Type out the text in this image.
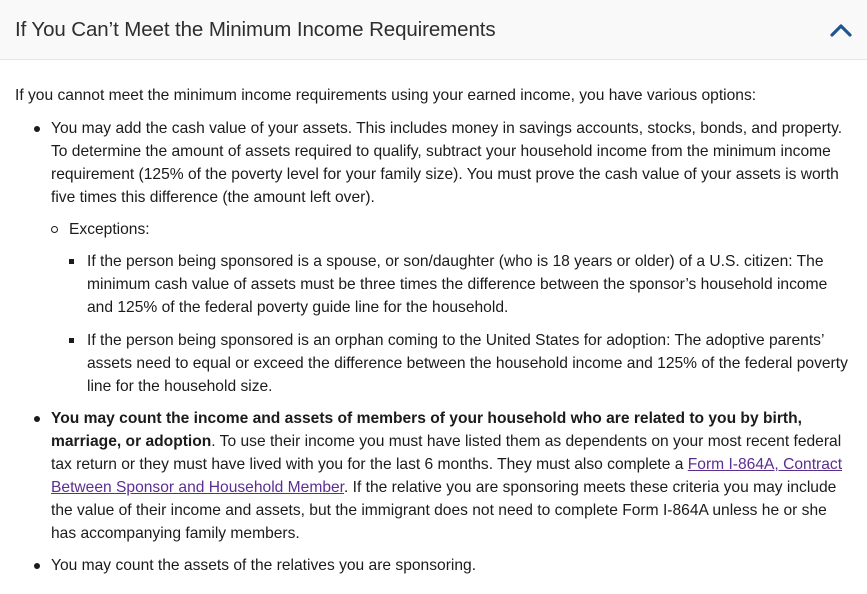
If You Can’t Meet the Minimum Income Requirements

If you cannot meet the minimum income requirements using your earned income, you have various options:

You may add the cash value of your assets. This includes money in savings accounts, stocks, bonds, and property. To determine the amount of assets required to qualify, subtract your household income from the minimum income requirement (125% of the poverty level for your family size). You must prove the cash value of your assets is worth five times this difference (the amount left over).
Exceptions:
If the person being sponsored is a spouse, or son/daughter (who is 18 years or older) of a U.S. citizen: The minimum cash value of assets must be three times the difference between the sponsor’s household income and 125% of the federal poverty guide line for the household.
If the person being sponsored is an orphan coming to the United States for adoption: The adoptive parents’ assets need to equal or exceed the difference between the household income and 125% of the federal poverty line for the household size.
You may count the income and assets of members of your household who are related to you by birth, marriage, or adoption. To use their income you must have listed them as dependents on your most recent federal tax return or they must have lived with you for the last 6 months. They must also complete a Form I-864A, Contract Between Sponsor and Household Member. If the relative you are sponsoring meets these criteria you may include the value of their income and assets, but the immigrant does not need to complete Form I-864A unless he or she has accompanying family members.
You may count the assets of the relatives you are sponsoring.
